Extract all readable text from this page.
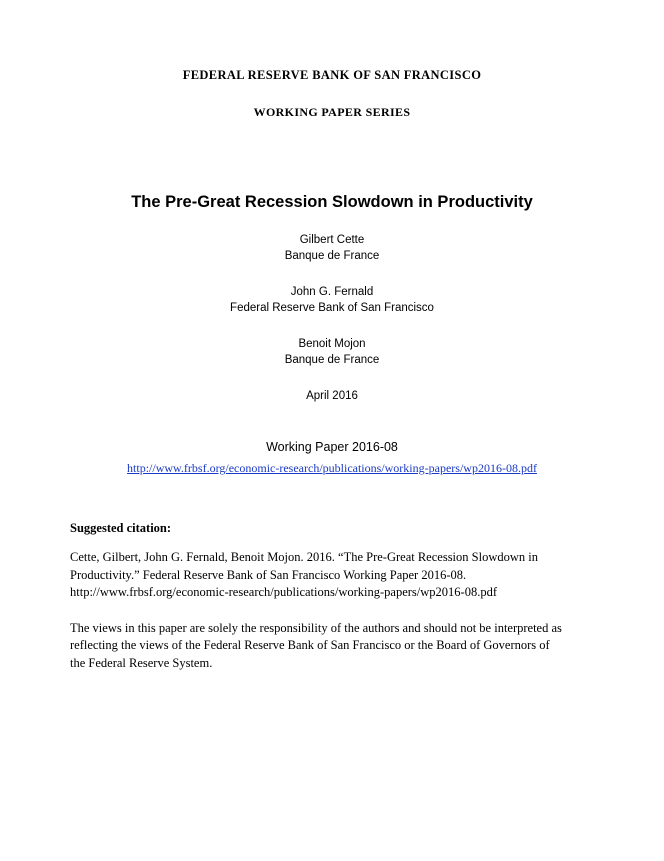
FEDERAL RESERVE BANK OF SAN FRANCISCO
WORKING PAPER SERIES
The Pre-Great Recession Slowdown in Productivity
Gilbert Cette
Banque de France
John G. Fernald
Federal Reserve Bank of San Francisco
Benoit Mojon
Banque de France
April 2016
Working Paper 2016-08
http://www.frbsf.org/economic-research/publications/working-papers/wp2016-08.pdf
Suggested citation:
Cette, Gilbert, John G. Fernald, Benoit Mojon. 2016. “The Pre-Great Recession Slowdown in
Productivity.” Federal Reserve Bank of San Francisco Working Paper 2016-08.
http://www.frbsf.org/economic-research/publications/working-papers/wp2016-08.pdf
The views in this paper are solely the responsibility of the authors and should not be interpreted as
reflecting the views of the Federal Reserve Bank of San Francisco or the Board of Governors of
the Federal Reserve System.
